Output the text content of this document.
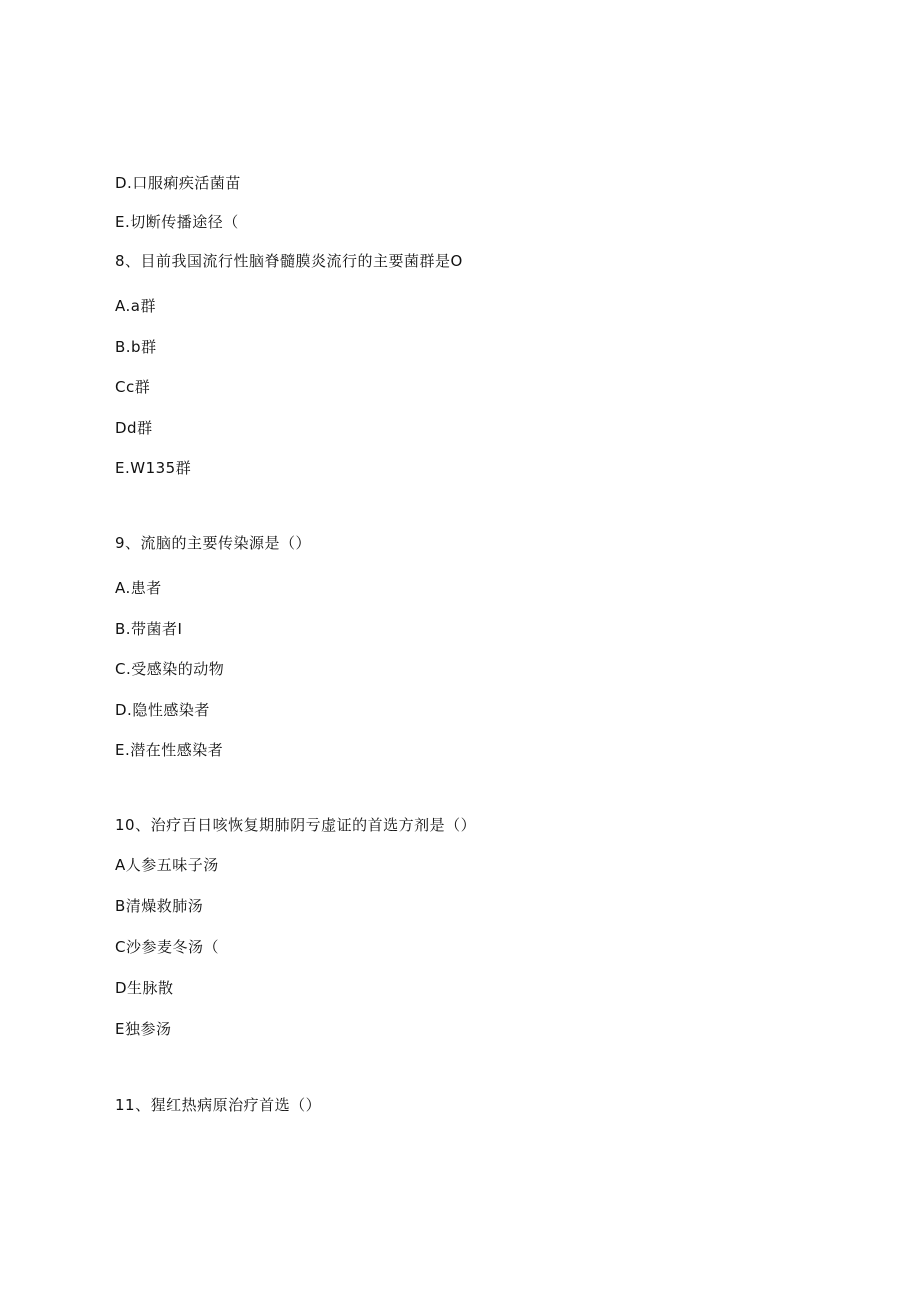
D.口服痢疾活菌苗
E.切断传播途径（
8、目前我国流行性脑脊髓膜炎流行的主要菌群是O
A.a群
B.b群
Cc群
Dd群
E.W135群
9、流脑的主要传染源是（）
A.患者
B.带菌者I
C.受感染的动物
D.隐性感染者
E.潜在性感染者
10、治疗百日咳恢复期肺阴亏虚证的首选方剂是（）
A人参五味子汤
B清燥救肺汤
C沙参麦冬汤（
D生脉散
E独参汤
11、猩红热病原治疗首选（）
